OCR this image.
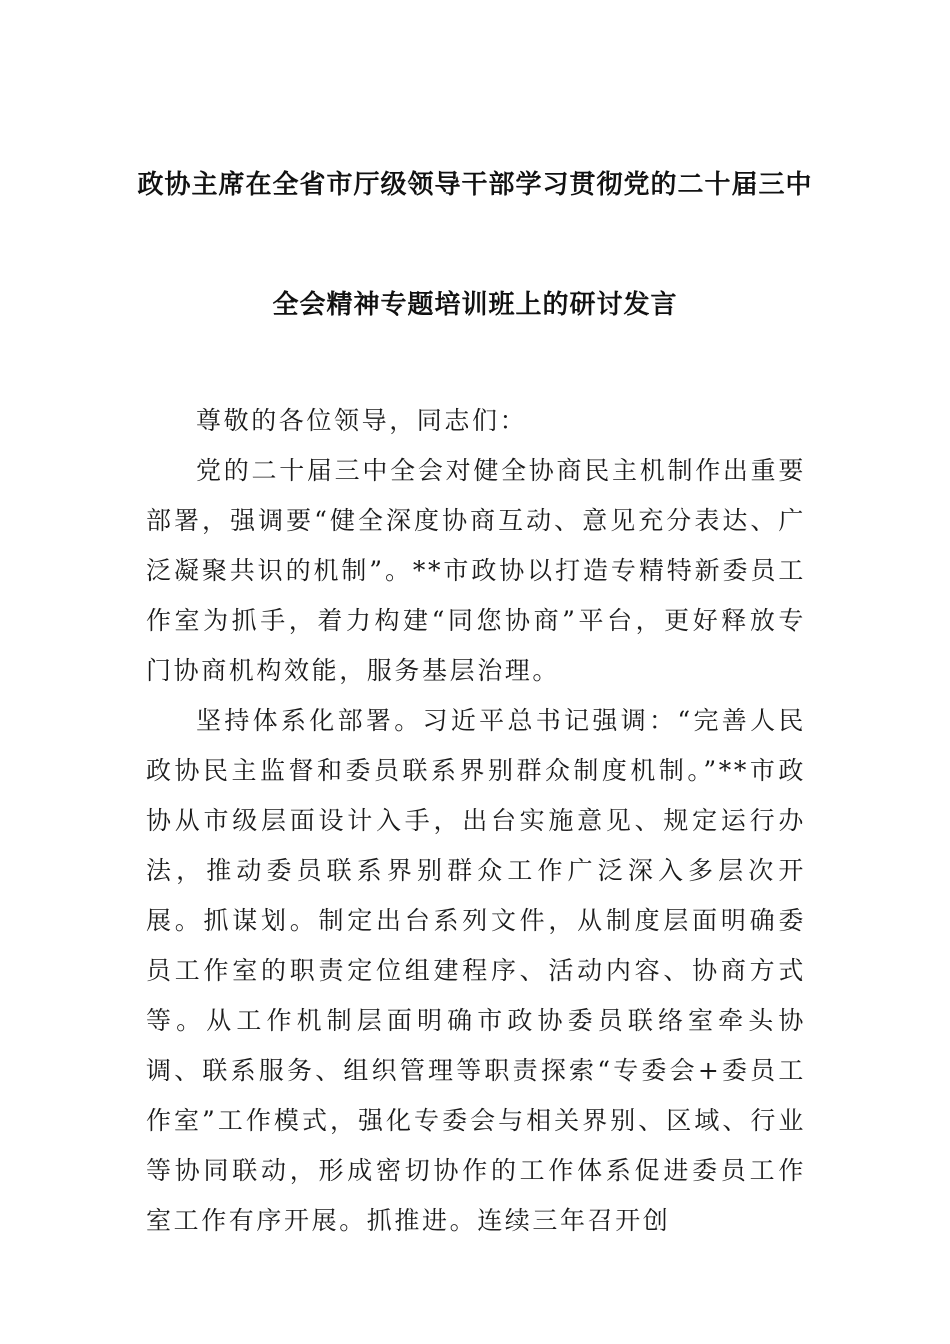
政协主席在全省市厅级领导干部学习贯彻党的二十届三中
全会精神专题培训班上的研讨发言

尊敬的各位领导，同志们：

党的二十届三中全会对健全协商民主机制作出重要部署，强调要“健全深度协商互动、意见充分表达、广泛凝聚共识的机制”。**市政协以打造专精特新委员工作室为抓手，着力构建“同您协商”平台，更好释放专门协商机构效能，服务基层治理。

坚持体系化部署。习近平总书记强调：“完善人民政协民主监督和委员联系界别群众制度机制。”**市政协从市级层面设计入手，出台实施意见、规定运行办法，推动委员联系界别群众工作广泛深入多层次开展。抓谋划。制定出台系列文件，从制度层面明确委员工作室的职责定位组建程序、活动内容、协商方式等。从工作机制层面明确市政协委员联络室牵头协调、联系服务、组织管理等职责探索“专委会+委员工作室”工作模式，强化专委会与相关界别、区域、行业等协同联动，形成密切协作的工作体系促进委员工作室工作有序开展。抓推进。连续三年召开创
